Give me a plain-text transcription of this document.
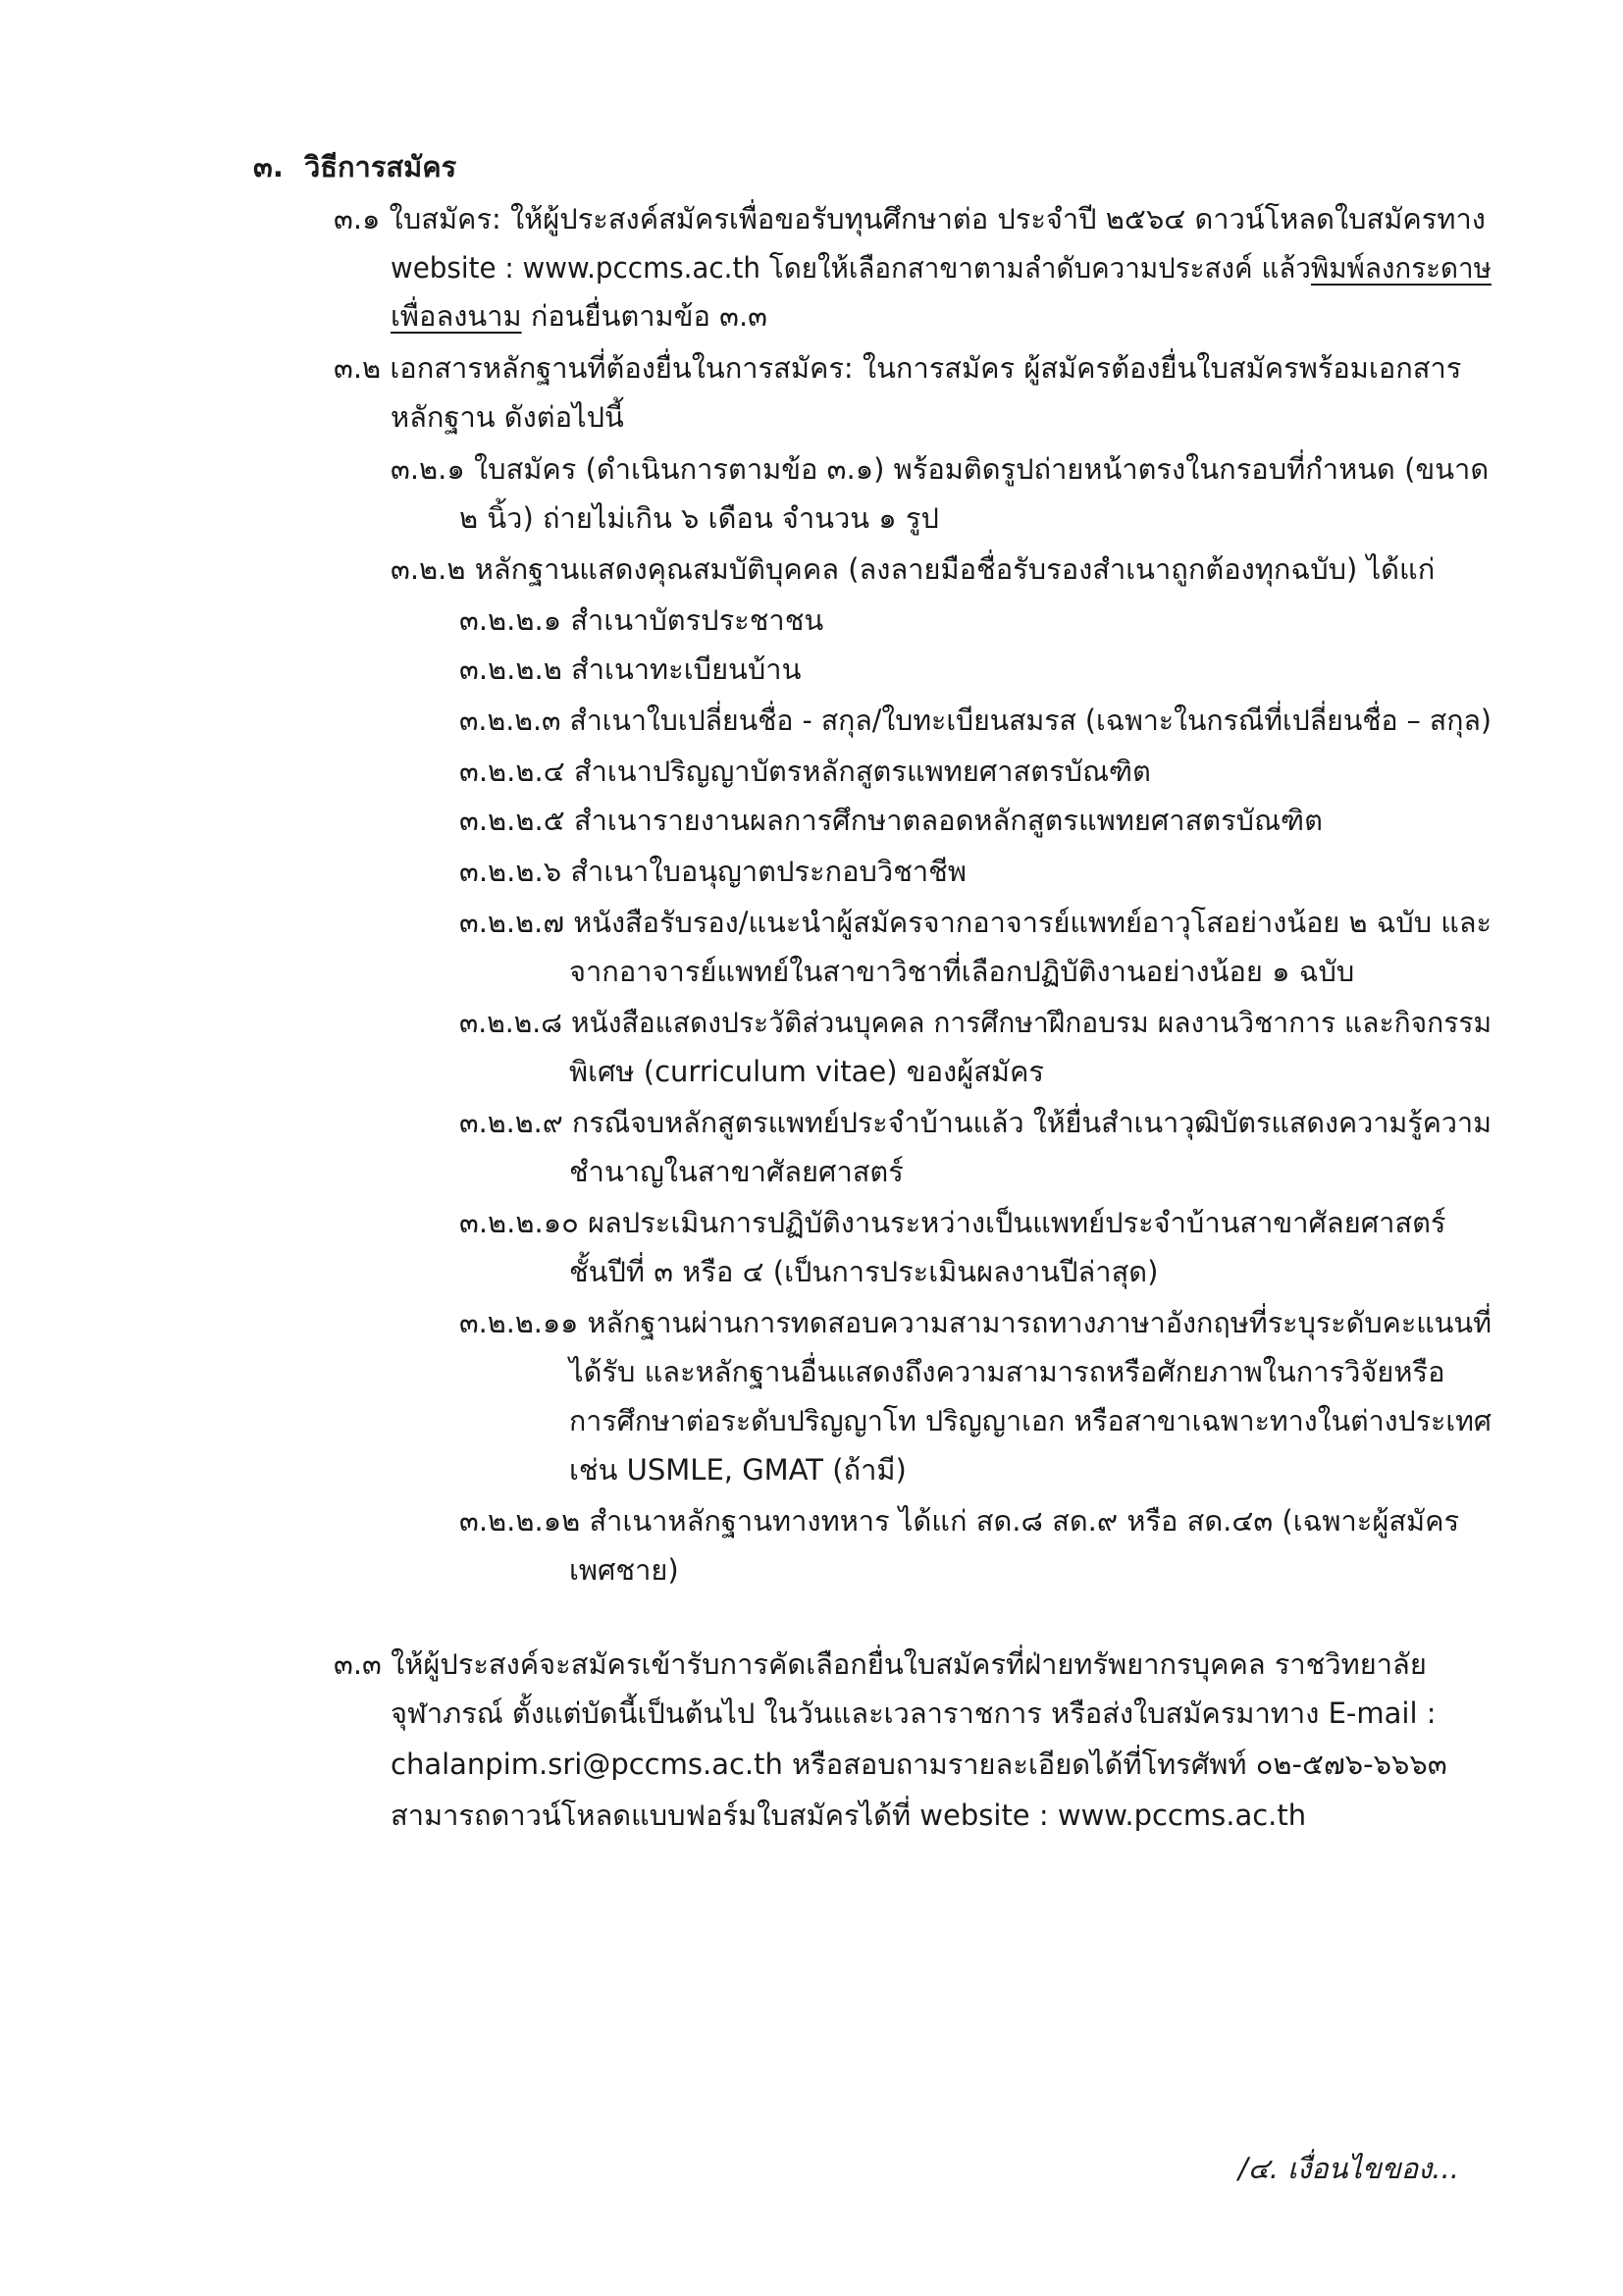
๓. วิธีการสมัคร
๓.๑ ใบสมัคร: ให้ผู้ประสงค์สมัครเพื่อขอรับทุนศึกษาต่อ ประจำปี ๒๕๖๔ ดาวน์โหลดใบสมัครทาง
website : www.pccms.ac.th โดยให้เลือกสาขาตามลำดับความประสงค์ แล้วพิมพ์ลงกระดาษ
เพื่อลงนาม ก่อนยื่นตามข้อ ๓.๓
๓.๒ เอกสารหลักฐานที่ต้องยื่นในการสมัคร: ในการสมัคร ผู้สมัครต้องยื่นใบสมัครพร้อมเอกสาร
หลักฐาน ดังต่อไปนี้
๓.๒.๑ ใบสมัคร (ดำเนินการตามข้อ ๓.๑) พร้อมติดรูปถ่ายหน้าตรงในกรอบที่กำหนด (ขนาด
๒ นิ้ว) ถ่ายไม่เกิน ๖ เดือน จำนวน ๑ รูป
๓.๒.๒ หลักฐานแสดงคุณสมบัติบุคคล (ลงลายมือชื่อรับรองสำเนาถูกต้องทุกฉบับ) ได้แก่
๓.๒.๒.๑ สำเนาบัตรประชาชน
๓.๒.๒.๒ สำเนาทะเบียนบ้าน
๓.๒.๒.๓ สำเนาใบเปลี่ยนชื่อ - สกุล/ใบทะเบียนสมรส (เฉพาะในกรณีที่เปลี่ยนชื่อ – สกุล)
๓.๒.๒.๔ สำเนาปริญญาบัตรหลักสูตรแพทยศาสตรบัณฑิต
๓.๒.๒.๕ สำเนารายงานผลการศึกษาตลอดหลักสูตรแพทยศาสตรบัณฑิต
๓.๒.๒.๖ สำเนาใบอนุญาตประกอบวิชาชีพ
๓.๒.๒.๗ หนังสือรับรอง/แนะนำผู้สมัครจากอาจารย์แพทย์อาวุโสอย่างน้อย ๒ ฉบับ และ
จากอาจารย์แพทย์ในสาขาวิชาที่เลือกปฏิบัติงานอย่างน้อย ๑ ฉบับ
๓.๒.๒.๘ หนังสือแสดงประวัติส่วนบุคคล การศึกษาฝึกอบรม ผลงานวิชาการ และกิจกรรม
พิเศษ (curriculum vitae) ของผู้สมัคร
๓.๒.๒.๙ กรณีจบหลักสูตรแพทย์ประจำบ้านแล้ว ให้ยื่นสำเนาวุฒิบัตรแสดงความรู้ความ
ชำนาญในสาขาศัลยศาสตร์
๓.๒.๒.๑๐ ผลประเมินการปฏิบัติงานระหว่างเป็นแพทย์ประจำบ้านสาขาศัลยศาสตร์
ชั้นปีที่ ๓ หรือ ๔ (เป็นการประเมินผลงานปีล่าสุด)
๓.๒.๒.๑๑ หลักฐานผ่านการทดสอบความสามารถทางภาษาอังกฤษที่ระบุระดับคะแนนที่
ได้รับ และหลักฐานอื่นแสดงถึงความสามารถหรือศักยภาพในการวิจัยหรือ
การศึกษาต่อระดับปริญญาโท ปริญญาเอก หรือสาขาเฉพาะทางในต่างประเทศ
เช่น USMLE, GMAT (ถ้ามี)
๓.๒.๒.๑๒ สำเนาหลักฐานทางทหาร ได้แก่ สด.๘ สด.๙ หรือ สด.๔๓ (เฉพาะผู้สมัคร
เพศชาย)
๓.๓ ให้ผู้ประสงค์จะสมัครเข้ารับการคัดเลือกยื่นใบสมัครที่ฝ่ายทรัพยากรบุคคล ราชวิทยาลัย
จุฬาภรณ์ ตั้งแต่บัดนี้เป็นต้นไป ในวันและเวลาราชการ หรือส่งใบสมัครมาทาง E-mail :
chalanpim.sri@pccms.ac.th หรือสอบถามรายละเอียดได้ที่โทรศัพท์ ๐๒-๕๗๖-๖๖๖๓
สามารถดาวน์โหลดแบบฟอร์มใบสมัครได้ที่ website : www.pccms.ac.th
/๔. เงื่อนไขของ...
